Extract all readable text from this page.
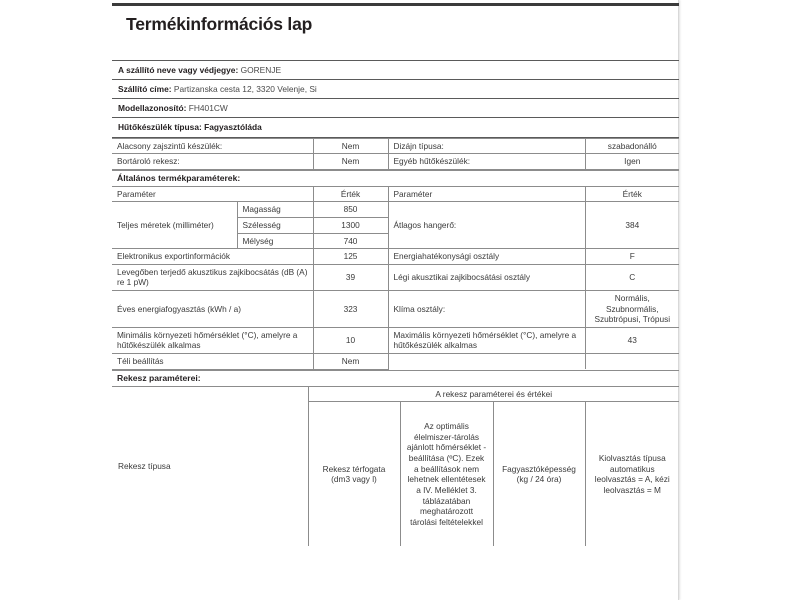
Termékinformációs lap
A szállító neve vagy védjegye: GORENJE
Szállító címe: Partizanska cesta 12, 3320 Velenje, Si
Modellazonosító: FH401CW
Hűtőkészülék típusa: Fagyasztóláda
Alacsony zajszintű készülék:	Nem	Dizájn típusa:	szabadonálló
Bortároló rekesz:	Nem	Egyéb hűtőkészülék:	Igen
Általános termékparaméterek:				
Paraméter		Érték	Paraméter	Érték
Teljes méretek (milliméter)	Magasság	850	Átlagos hangerő:	384
	Szélesség	1300		
	Mélység	740		
Elektronikus exportinformációk		125	Energiahatékonysági osztály	F
Levegőben terjedő akusztikus zajkibocsátás (dB (A) re 1 pW)		39	Légi akusztikai zajkibocsátási osztály	C
Éves energiafogyasztás (kWh / a)		323	Klíma osztály:	Normális, Szubnormális, Szubtrópusi, Trópusi
Minimális környezeti hőmérséklet (°C), amelyre a hűtőkészülék alkalmas		10	Maximális környezeti hőmérséklet (°C), amelyre a hűtőkészülék alkalmas	43
Téli beállítás		Nem		
Rekesz paraméterei:				
Rekesz típusa	A rekesz paraméterei és értékei			
	Rekesz térfogata (dm3 vagy l)	Az optimális élelmiszer-tárolás ajánlott hőmérséklet -beállítása (ºC). Ezek a beállítások nem lehetnek ellentétesek a IV. Melléklet 3. táblázatában meghatározott tárolási feltételekkel	Fagyasztóképesség (kg / 24 óra)	Kiolvasztás típusa automatikus leolvasztás = A, kézi leolvasztás = M
